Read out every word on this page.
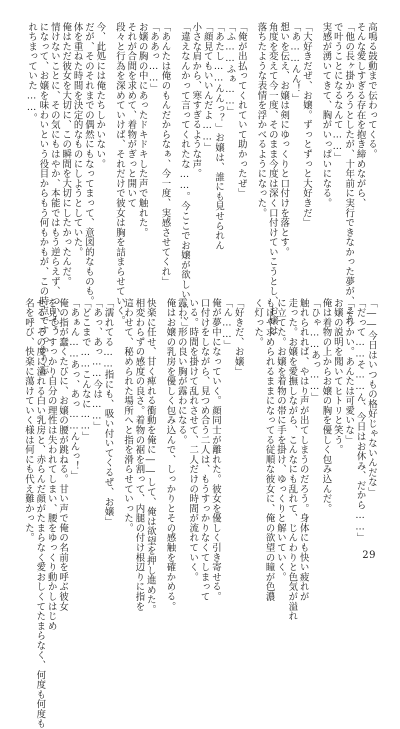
高鳴る鼓動まで伝わってくる。
そんな愛しすぎる存在を抱き締めながら、
「他の長ヶ掛かろうとしたが、十年前に実行できなかった夢が、これ
で叶うことになるなんて……」
実感が湧いてきて、胸がいっぱいになる。
「大好きだぜ、お嬢。ずっとずっと大好きだ」
「あ……んん！」
想いを伝え、お嬢は剣にゆっくりと口付けを落とす。
角度を変えて今一度、そのまま今度は深く口付けていこうとし、お嬢は
落ちたような表情を浮かべるようになった。
「俺が出払ってくれていて助かったぜ」
「ふ……ふぁ……」
「あたし……んんっ？」お嬢は、誰にも見せられん
「顔見てもいいんだよ……」
小さな肩から、寒すぎるような声。
「違えなんかって言ってくれたな……。今ここでお嬢が欲しい……」
「あんたは俺のもんだからなぁ、今一度、実感させてくれ」
「ああっ……」
お嬢の胸の中にあったドキドキした声で触れた。
それが合間を求めて、着物がぎっと開いて
段々と行為を深めていけば、それだけで彼女は胸を詰まらせていく。
今、此処には俺たちしかいない。
だが、そのそれまでの偶然にもなってまって、意図的なものも。
体を重ねた時間を決定的なものにしようとしていた。
俺はただ彼女を大切に、この瞬間を大切にしたかったんだ。
情けないことに、その気にもはやか、本能ではもう逆らえず、ついもう
になって、お嬢を味わいという役目からもう何もかもが、この時点ですっかり忘
れちまっていた……。
「――今日はいつもの格好じゃないんだな」
「だって……そ……ん、今日はお休み、だから……」
「そうかい。あんたは可愛いな」
お嬢の説明を聞いてヒトリと笑う。
俺は着物の上からお嬢の胸を優しく包み込んだ。
「ひゃ……あっ……」
触れられれば、やはり声が出てしまうのだろう。身体にも快い疲れが
走った。お嬢を愛撫しながら、こんなにも乱れて、じんわりと色気が溢れ
に立てた。お嬢を着物の帯に手を掛け、ゆっくりと解いていく。
もはや求められるままになってる従順な彼女に、俺の欲望の瞳が色濃
く灯った。
「好きだ、お嬢」
「ん……」
俺が夢中になっていく。顔同士が離れた。彼女を優しく引き寄せる。
口付けをしながら、見つめ合う二人は、もうすっかりなくてしまって
いる。時間を掛けて乱れさせて、二人だけの時間が流れていく。
露わ、形の良い胸が露わになる。
俺はお嬢の乳房を優しく包み込んで、しっかりとその感触を確かめる。
快楽に任せ、甘く痺れる衝動を俺に――して、俺は欲望を押し進めた。
相変わらずの感度の良さ。着物の裾を割って、内腿の付け根辺りに指を
這わせて、秘められた場所へと指を滑らせていった。
「濡れてる……指にも、吸い付いてくるぜ、お嬢」
「あっ、あっ……今は……」
「どこまで……こんなに……」
「あぁん……あっ、あっ……んんっ！」
俺の指が蠢くたびに、お嬢の腰が跳ねる。甘い声で俺の名前を呼ぶ彼女
を見て、すっかり自分の理性は失われてしまい、腰をゆっくり動かしはじめ
せる。その度に溢れる白い乳房と、赤らんだ顔がたまらなく愛おしくてたまらなく、何度も何度も
名を呼び、快楽に蕩けていく様は何にも代え難かった。
29
